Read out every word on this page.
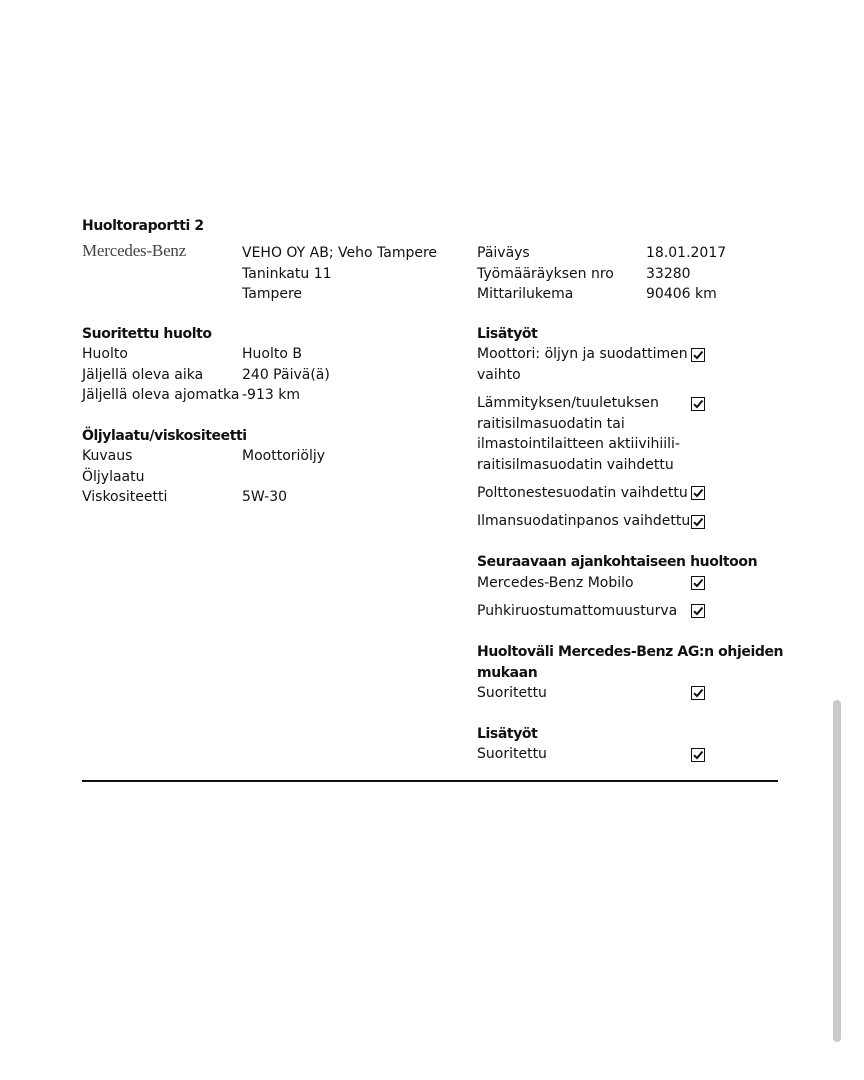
Huoltoraportti 2
Mercedes-Benz	VEHO OY AB; Veho Tampere
Taninkatu 11
Tampere
Päiväys
Työmääräyksen nro
Mittarilukema
18.01.2017
33280
90406 km
Suoritettu huolto
Huolto
Jäljellä oleva aika
Jäljellä oleva ajomatka
Huolto B
240 Päivä(ä)
-913 km
Öljylaatu/viskositeetti
Kuvaus
Öljylaatu
Viskositeetti
Moottoriöljy
5W-30
Lisätyöt
Moottori: öljyn ja suodattimen
vaihto
Lämmityksen/tuuletuksen
raitisilmasuodatin tai
ilmastointilaitteen aktiivihiili-
raitisilmasuodatin vaihdettu
Polttonestesuodatin vaihdettu
Ilmansuodatinpanos vaihdettu
Seuraavaan ajankohtaiseen huoltoon
Mercedes-Benz Mobilo
Puhkiruostumattomuusturva
Huoltoväli Mercedes-Benz AG:n ohjeiden
mukaan
Suoritettu
Lisätyöt
Suoritettu
